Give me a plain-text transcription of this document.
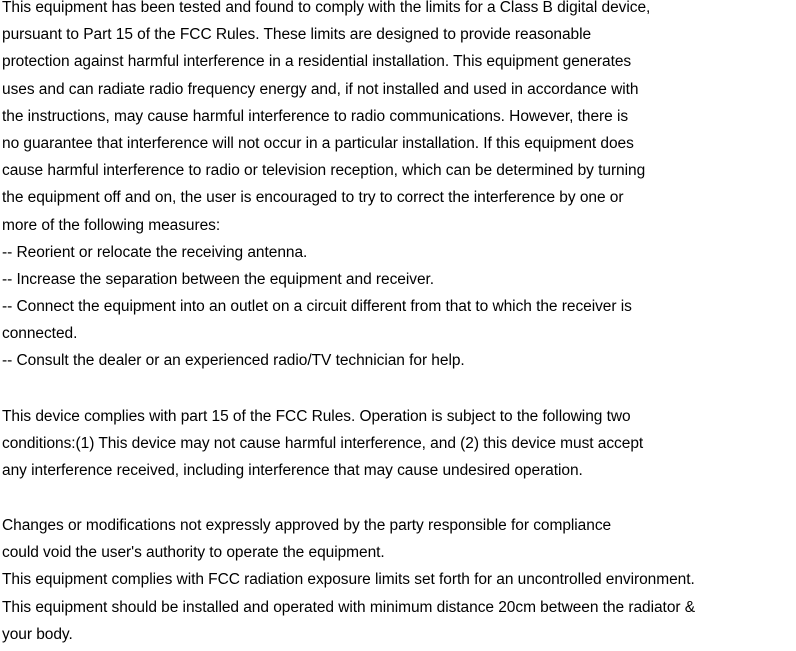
This equipment has been tested and found to comply with the limits for a Class B digital device,
pursuant to Part 15 of the FCC Rules. These limits are designed to provide reasonable
protection against harmful interference in a residential installation. This equipment generates
uses and can radiate radio frequency energy and, if not installed and used in accordance with
the instructions, may cause harmful interference to radio communications. However, there is
no guarantee that interference will not occur in a particular installation. If this equipment does
cause harmful interference to radio or television reception, which can be determined by turning
the equipment off and on, the user is encouraged to try to correct the interference by one or
more of the following measures:
-- Reorient or relocate the receiving antenna.
-- Increase the separation between the equipment and receiver.
-- Connect the equipment into an outlet on a circuit different from that to which the receiver is
connected.
-- Consult the dealer or an experienced radio/TV technician for help.
This device complies with part 15 of the FCC Rules. Operation is subject to the following two
conditions:(1) This device may not cause harmful interference, and (2) this device must accept
any interference received, including interference that may cause undesired operation.
Changes or modifications not expressly approved by the party responsible for compliance
could void the user's authority to operate the equipment.
This equipment complies with FCC radiation exposure limits set forth for an uncontrolled environment.
This equipment should be installed and operated with minimum distance 20cm between the radiator &
your body.
